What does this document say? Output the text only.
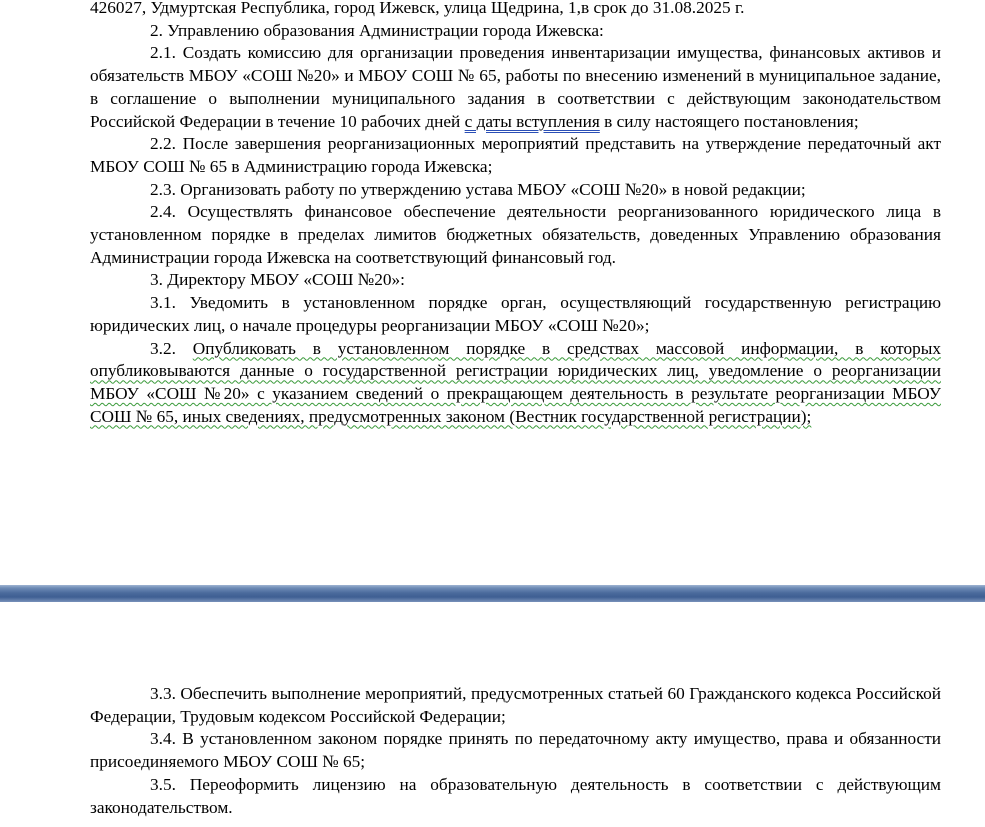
426027, Удмуртская Республика, город Ижевск, улица Щедрина, 1,в срок до 31.08.2025 г.

2. Управлению образования Администрации города Ижевска:

2.1. Создать комиссию для организации проведения инвентаризации имущества, финансовых активов и обязательств МБОУ «СОШ №20» и МБОУ СОШ № 65, работы по внесению изменений в муниципальное задание, в соглашение о выполнении муниципального задания в соответствии с действующим законодательством Российской Федерации в течение 10 рабочих дней с даты вступления в силу настоящего постановления;

2.2. После завершения реорганизационных мероприятий представить на утверждение передаточный акт МБОУ СОШ № 65 в Администрацию города Ижевска;

2.3. Организовать работу по утверждению устава МБОУ «СОШ №20» в новой редакции;

2.4. Осуществлять финансовое обеспечение деятельности реорганизованного юридического лица в установленном порядке в пределах лимитов бюджетных обязательств, доведенных Управлению образования Администрации города Ижевска на соответствующий финансовый год.

3. Директору МБОУ «СОШ №20»:

3.1. Уведомить в установленном порядке орган, осуществляющий государственную регистрацию юридических лиц, о начале процедуры реорганизации МБОУ «СОШ №20»;

3.2. Опубликовать в установленном порядке в средствах массовой информации, в которых опубликовываются данные о государственной регистрации юридических лиц, уведомление о реорганизации МБОУ «СОШ №20» с указанием сведений о прекращающем деятельность в результате реорганизации МБОУ СОШ № 65, иных сведениях, предусмотренных законом (Вестник государственной регистрации);

3.3. Обеспечить выполнение мероприятий, предусмотренных статьей 60 Гражданского кодекса Российской Федерации, Трудовым кодексом Российской Федерации;

3.4. В установленном законом порядке принять по передаточному акту имущество, права и обязанности присоединяемого МБОУ СОШ № 65;

3.5. Переоформить лицензию на образовательную деятельность в соответствии с действующим законодательством.
